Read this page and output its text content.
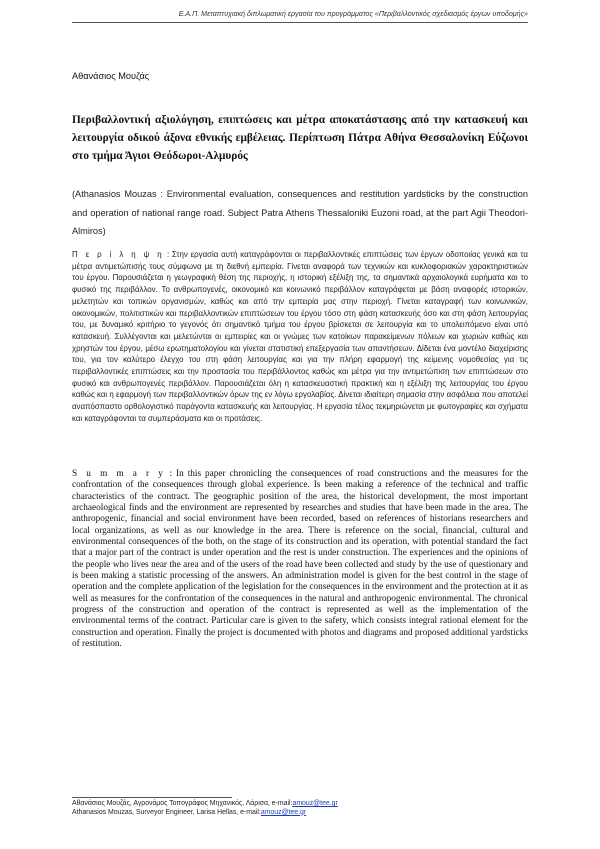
Ε.Α.Π. Μεταπτυχιακή διπλωματική εργασία του προγράμματος «Περιβαλλοντικός σχεδιασμός έργων υποδομής»
Αθανάσιος Μουζάς
Περιβαλλοντική αξιολόγηση, επιπτώσεις και μέτρα αποκατάστασης από την κατασκευή και λειτουργία οδικού άξονα εθνικής εμβέλειας. Περίπτωση Πάτρα Αθήνα Θεσσαλονίκη Εύζωνοι στο τμήμα Άγιοι Θεόδωροι-Αλμυρός
(Athanasios Mouzas : Environmental evaluation, consequences and restitution yardsticks by the construction and operation of national range road. Subject Patra Athens Thessaloniki Euzoni road, at the part Agii Theodori-Almiros)
Π ε ρ ί λ η ψ η : Στην εργασία αυτή καταγράφονται οι περιβαλλοντικές επιπτώσεις των έργων οδοποιίας γενικά και τα μέτρα αντιμετώπισής τους σύμφωνα με τη διεθνή εμπειρία. Γίνεται αναφορά των τεχνικών και κυκλοφοριακών χαρακτηριστικών του έργου. Παρουσιάζεται η γεωγραφική θέση της περιοχής, η ιστορική εξέλιξη της, τα σημαντικά αρχαιολογικά ευρήματα και το φυσικό της περιβάλλον. Το ανθρωπογενές, οικονομικό και κοινωνικό περιβάλλον καταγράφεται με βάση αναφορές ιστορικών, μελετητών και τοπικών οργανισμών, καθώς και από την εμπειρία μας στην περιοχή. Γίνεται καταγραφή των κοινωνικών, οικονομικών, πολιτιστικών και περιβαλλοντικών επιπτώσεων του έργου τόσο στη φάση κατασκευής όσο και στη φάση λειτουργίας του, με δυναμικό κριτήριο το γεγονός ότι σημαντικό τμήμα του έργου βρίσκεται σε λειτουργία και το υπολειπόμενο είναι υπό κατασκευή. Συλλέγονται και μελετώνται οι εμπειρίες και οι γνώμες των κατοίκων παρακείμενων πόλεων και χωριών καθώς και χρηστών του έργου, μέσω ερωτηματολογίου και γίνεται στατιστική επεξεργασία των απαντήσεων. Δίδεται ένα μοντέλο διαχείρισης του, για τον καλύτερο έλεγχο του στη φάση λειτουργίας και για την πλήρη εφαρμογή της κείμενης νομοθεσίας για τις περιβαλλοντικές επιπτώσεις και την προστασία του περιβάλλοντος καθώς και μέτρα για την αντιμετώπιση των επιπτώσεων στο φυσικό και ανθρωπογενές περιβάλλον. Παρουσιάζεται όλη η κατασκευαστική πρακτική και η εξέλιξη της λειτουργίας του έργου καθώς και η εφαρμογή των περιβαλλοντικών όρων της εν λόγω εργολαβίας. Δίνεται ιδιαίτερη σημασία στην ασφάλεια που αποτελεί αναπόσπαστο ορθολογιστικό παράγοντα κατασκευής και λειτουργίας. Η εργασία τέλος τεκμηριώνεται με φωτογραφίες και σχήματα και καταγράφονται τα συμπεράσματα και οι προτάσεις.
S u m m a r y : In this paper chronicling the consequences of road constructions and the measures for the confrontation of the consequences through global experience. Is been making a reference of the technical and traffic characteristics of the contract. The geographic position of the area, the historical development, the most important archaeological finds and the environment are represented by researches and studies that have been made in the area. The anthropogenic, financial and social environment have been recorded, based on references of historians researchers and local organizations, as well as our knowledge in the area. There is reference on the social, financial, cultural and environmental consequences of the both, on the stage of its construction and its operation, with potential standard the fact that a major part of the contract is under operation and the rest is under construction. The experiences and the opinions of the people who lives near the area and of the users of the road have been collected and study by the use of questionary and is been making a statistic processing of the answers. An administration model is given for the best control in the stage of operation and the complete application of the legislation for the consequences in the environment and the protection at it as well as measures for the confrontation of the consequences in the natural and anthropogenic environmental. The chronical progress of the construction and operation of the contract is represented as well as the implementation of the environmental terms of the contract. Particular care is given to the safety, which consists integral rational element for the construction and operation. Finally the project is documented with photos and diagrams and proposed additional yardsticks of restitution.
Αθανάσιος Μουζάς, Αγρονόμος Τοπογράφος Μηχανικός, Λάρισα, e-mail:amouz@tee.gr
Athanasios Mouzas, Surveyor Engineer, Larisa Hellas, e-mail:amouz@tee.gr
